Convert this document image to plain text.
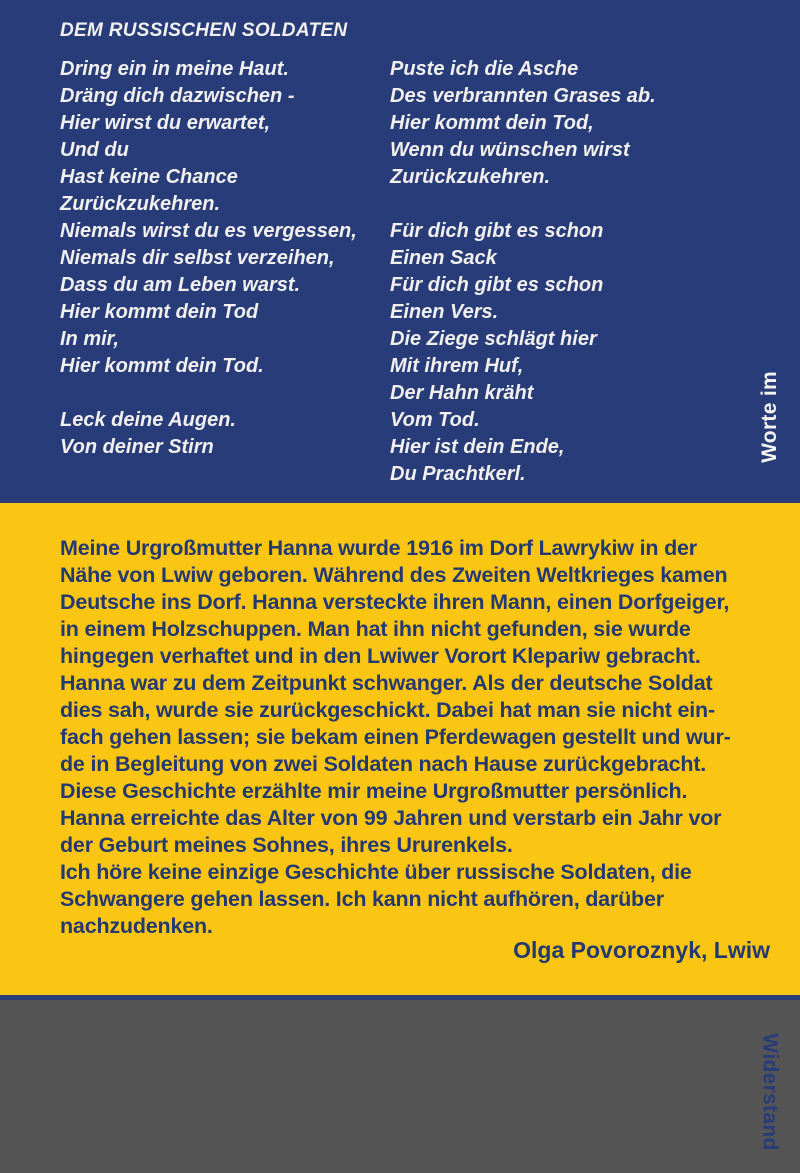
DEM RUSSISCHEN SOLDATEN
Dring ein in meine Haut.
Dräng dich dazwischen -
Hier wirst du erwartet,
Und du
Hast keine Chance
Zurückzukehren.
Niemals wirst du es vergessen,
Niemals dir selbst verzeihen,
Dass du am Leben warst.
Hier kommt dein Tod
In mir,
Hier kommt dein Tod.

Leck deine Augen.
Von deiner Stirn
Puste ich die Asche
Des verbrannten Grases ab.
Hier kommt dein Tod,
Wenn du wünschen wirst
Zurückzukehren.

Für dich gibt es schon
Einen Sack
Für dich gibt es schon
Einen Vers.
Die Ziege schlägt hier
Mit ihrem Huf,
Der Hahn kräht
Vom Tod.
Hier ist dein Ende,
Du Prachtkerl.
Worte im
Meine Urgroßmutter Hanna wurde 1916 im Dorf Lawrykiw in der
Nähe von Lwiw geboren. Während des Zweiten Weltkrieges kamen
Deutsche ins Dorf. Hanna versteckte ihren Mann, einen Dorfgeiger,
in einem Holzschuppen. Man hat ihn nicht gefunden, sie wurde
hingegen verhaftet und in den Lwiwer Vorort Klepariw gebracht.
Hanna war zu dem Zeitpunkt schwanger. Als der deutsche Soldat
dies sah, wurde sie zurückgeschickt. Dabei hat man sie nicht ein-
fach gehen lassen; sie bekam einen Pferdewagen gestellt und wur-
de in Begleitung von zwei Soldaten nach Hause zurückgebracht.
Diese Geschichte erzählte mir meine Urgroßmutter persönlich.
Hanna erreichte das Alter von 99 Jahren und verstarb ein Jahr vor
der Geburt meines Sohnes, ihres Ururenkels.
Ich höre keine einzige Geschichte über russische Soldaten, die
Schwangere gehen lassen. Ich kann nicht aufhören, darüber
nachzudenken.
Widerstand
Olga Povoroznyk, Lwiw
